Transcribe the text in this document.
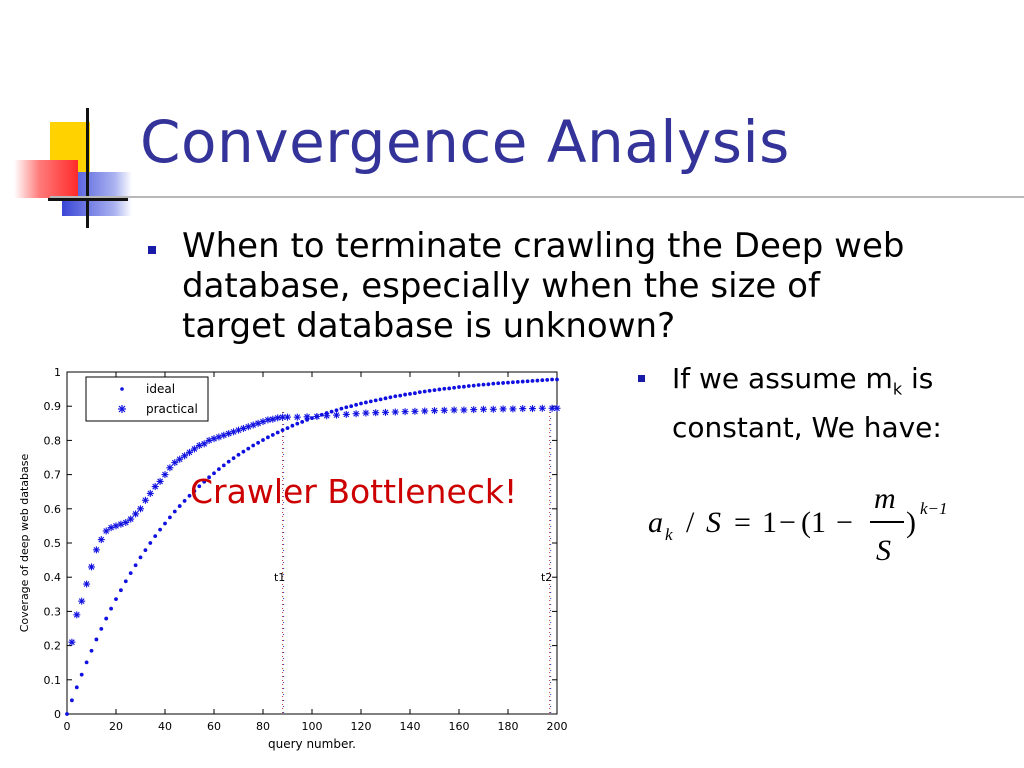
Convergence Analysis
When to terminate crawling the Deep web
database, especially when the size of
target database is unknown?
If we assume $m_k$ is
constant, We have:
a k / S = 1 − (1 −
m
S
) k−1
0
0.1
0.2
0.3
0.4
0.5
0.6
0.7
0.8
0.9
1
0	20	40	60	80	100	120	140	160	180	200
t1	t2
query number.
Coverage of deep web database
ideal
practical
Crawler Bottleneck!
